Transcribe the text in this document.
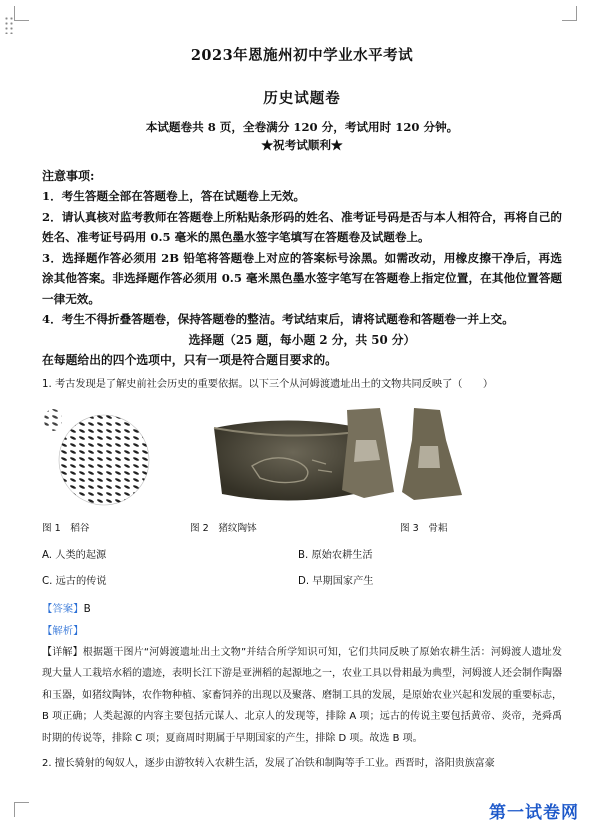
2023年恩施州初中学业水平考试
历史试题卷
本试题卷共 8 页，全卷满分 120 分，考试用时 120 分钟。
★祝考试顺利★
注意事项:
1．考生答题全部在答题卷上，答在试题卷上无效。
2．请认真核对监考教师在答题卷上所粘贴条形码的姓名、准考证号码是否与本人相符合，再将自己的姓名、准考证号码用 0.5 毫米的黑色墨水签字笔填写在答题卷及试题卷上。
3．选择题作答必须用 2B 铅笔将答题卷上对应的答案标号涂黑。如需改动，用橡皮擦干净后，再选涂其他答案。非选择题作答必须用 0.5 毫米黑色墨水签字笔写在答题卷上指定位置，在其他位置答题一律无效。
4．考生不得折叠答题卷，保持答题卷的整洁。考试结束后，请将试题卷和答题卷一并上交。
选择题（25 题，每小题 2 分，共 50 分）
在每题给出的四个选项中，只有一项是符合题目要求的。
1. 考古发现是了解史前社会历史的重要依据。以下三个从河姆渡遗址出土的文物共同反映了（　　）
图 1　稻谷	图 2　猪纹陶钵	图 3　骨耜
A. 人类的起源	B. 原始农耕生活
C. 远古的传说	D. 早期国家产生
【答案】B
【解析】
【详解】根据题干图片“河姆渡遗址出土文物”并结合所学知识可知，它们共同反映了原始农耕生活：河姆渡人遗址发现大量人工栽培水稻的遗迹，表明长江下游是亚洲稻的起源地之一，农业工具以骨耜最为典型，河姆渡人还会制作陶器和玉器，如猪纹陶钵，农作物种植、家畜饲养的出现以及聚落、磨制工具的发展，是原始农业兴起和发展的重要标志，B 项正确；人类起源的内容主要包括元谋人、北京人的发现等，排除 A 项；远古的传说主要包括黄帝、炎帝，尧舜禹时期的传说等，排除 C 项；夏商周时期属于早期国家的产生，排除 D 项。故选 B 项。
2. 擅长骑射的匈奴人，逐步由游牧转入农耕生活，发展了冶铁和制陶等手工业。西晋时，洛阳贵族富豪
第一试卷网
